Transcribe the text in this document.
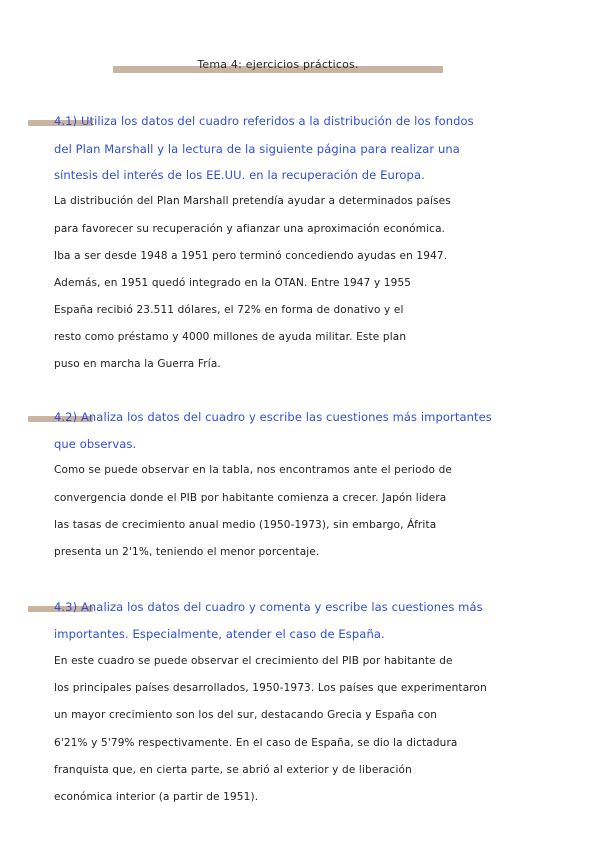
Tema 4: ejercicios prácticos.
4.1) Utiliza los datos del cuadro referidos a la distribución de los fondos
del Plan Marshall y la lectura de la siguiente página para realizar una
síntesis del interés de los EE.UU. en la recuperación de Europa.
La distribución del Plan Marshall pretendía ayudar a determinados países
para favorecer su recuperación y afianzar una aproximación económica.
Iba a ser desde 1948 a 1951 pero terminó concediendo ayudas en 1947.
Además, en 1951 quedó integrado en la OTAN. Entre 1947 y 1955
España recibió 23.511 dólares, el 72% en forma de donativo y el
resto como préstamo y 4000 millones de ayuda militar. Este plan
puso en marcha la Guerra Fría.
4.2) Analiza los datos del cuadro y escribe las cuestiones más importantes
que observas.
Como se puede observar en la tabla, nos encontramos ante el periodo de
convergencia donde el PIB por habitante comienza a crecer. Japón lidera
las tasas de crecimiento anual medio (1950-1973), sin embargo, Áfrita
presenta un 2'1%, teniendo el menor porcentaje.
4.3) Analiza los datos del cuadro y comenta y escribe las cuestiones más
importantes. Especialmente, atender el caso de España.
En este cuadro se puede observar el crecimiento del PIB por habitante de
los principales países desarrollados, 1950-1973. Los países que experimentaron
un mayor crecimiento son los del sur, destacando Grecia y España con
6'21% y 5'79% respectivamente. En el caso de España, se dio la dictadura
franquista que, en cierta parte, se abrió al exterior y de liberación
económica interior (a partir de 1951).
